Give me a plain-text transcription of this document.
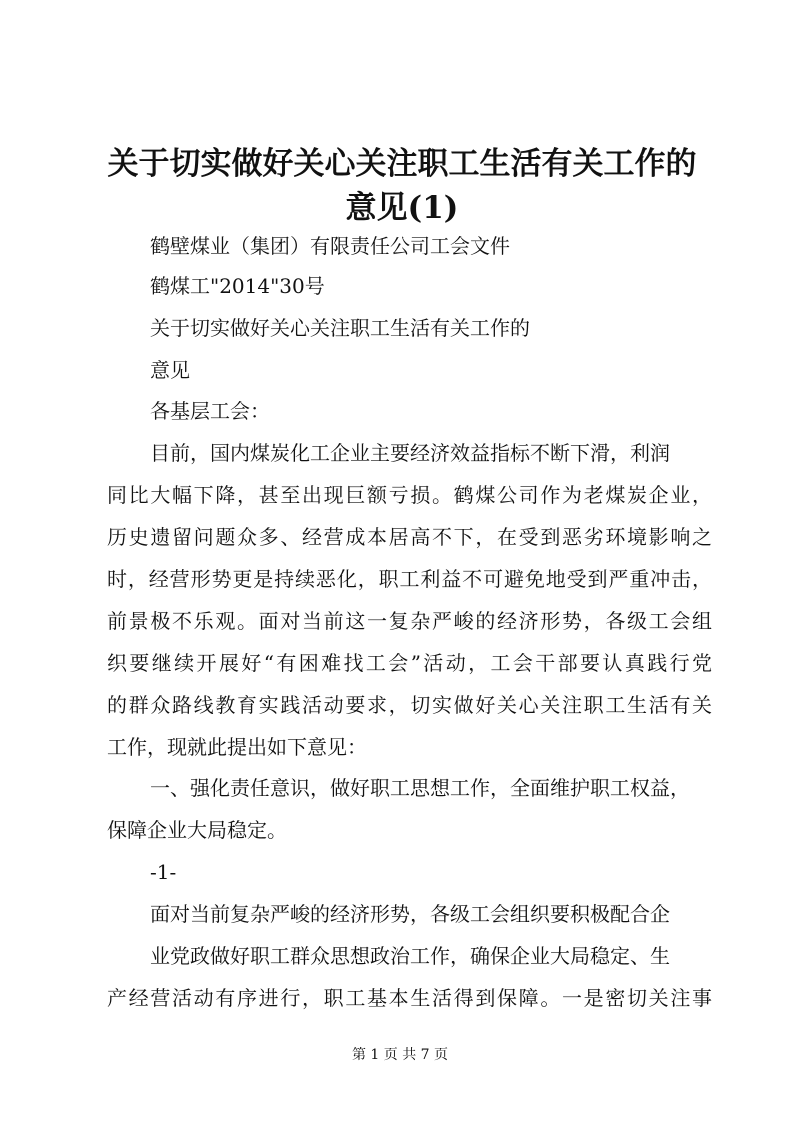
关于切实做好关心关注职工生活有关工作的意见(1)

鹤壁煤业（集团）有限责任公司工会文件

鹤煤工"2014"30号

关于切实做好关心关注职工生活有关工作的

意见

各基层工会：

目前，国内煤炭化工企业主要经济效益指标不断下滑，利润

同比大幅下降，甚至出现巨额亏损。鹤煤公司作为老煤炭企业，

历史遗留问题众多、经营成本居高不下，在受到恶劣环境影响之

时，经营形势更是持续恶化，职工利益不可避免地受到严重冲击，

前景极不乐观。面对当前这一复杂严峻的经济形势，各级工会组

织要继续开展好“有困难找工会”活动，工会干部要认真践行党

的群众路线教育实践活动要求，切实做好关心关注职工生活有关

工作，现就此提出如下意见：

一、强化责任意识，做好职工思想工作，全面维护职工权益，

保障企业大局稳定。

-1-

面对当前复杂严峻的经济形势，各级工会组织要积极配合企

业党政做好职工群众思想政治工作，确保企业大局稳定、生

产经营活动有序进行，职工基本生活得到保障。一是密切关注事

第 1 页 共 7 页
